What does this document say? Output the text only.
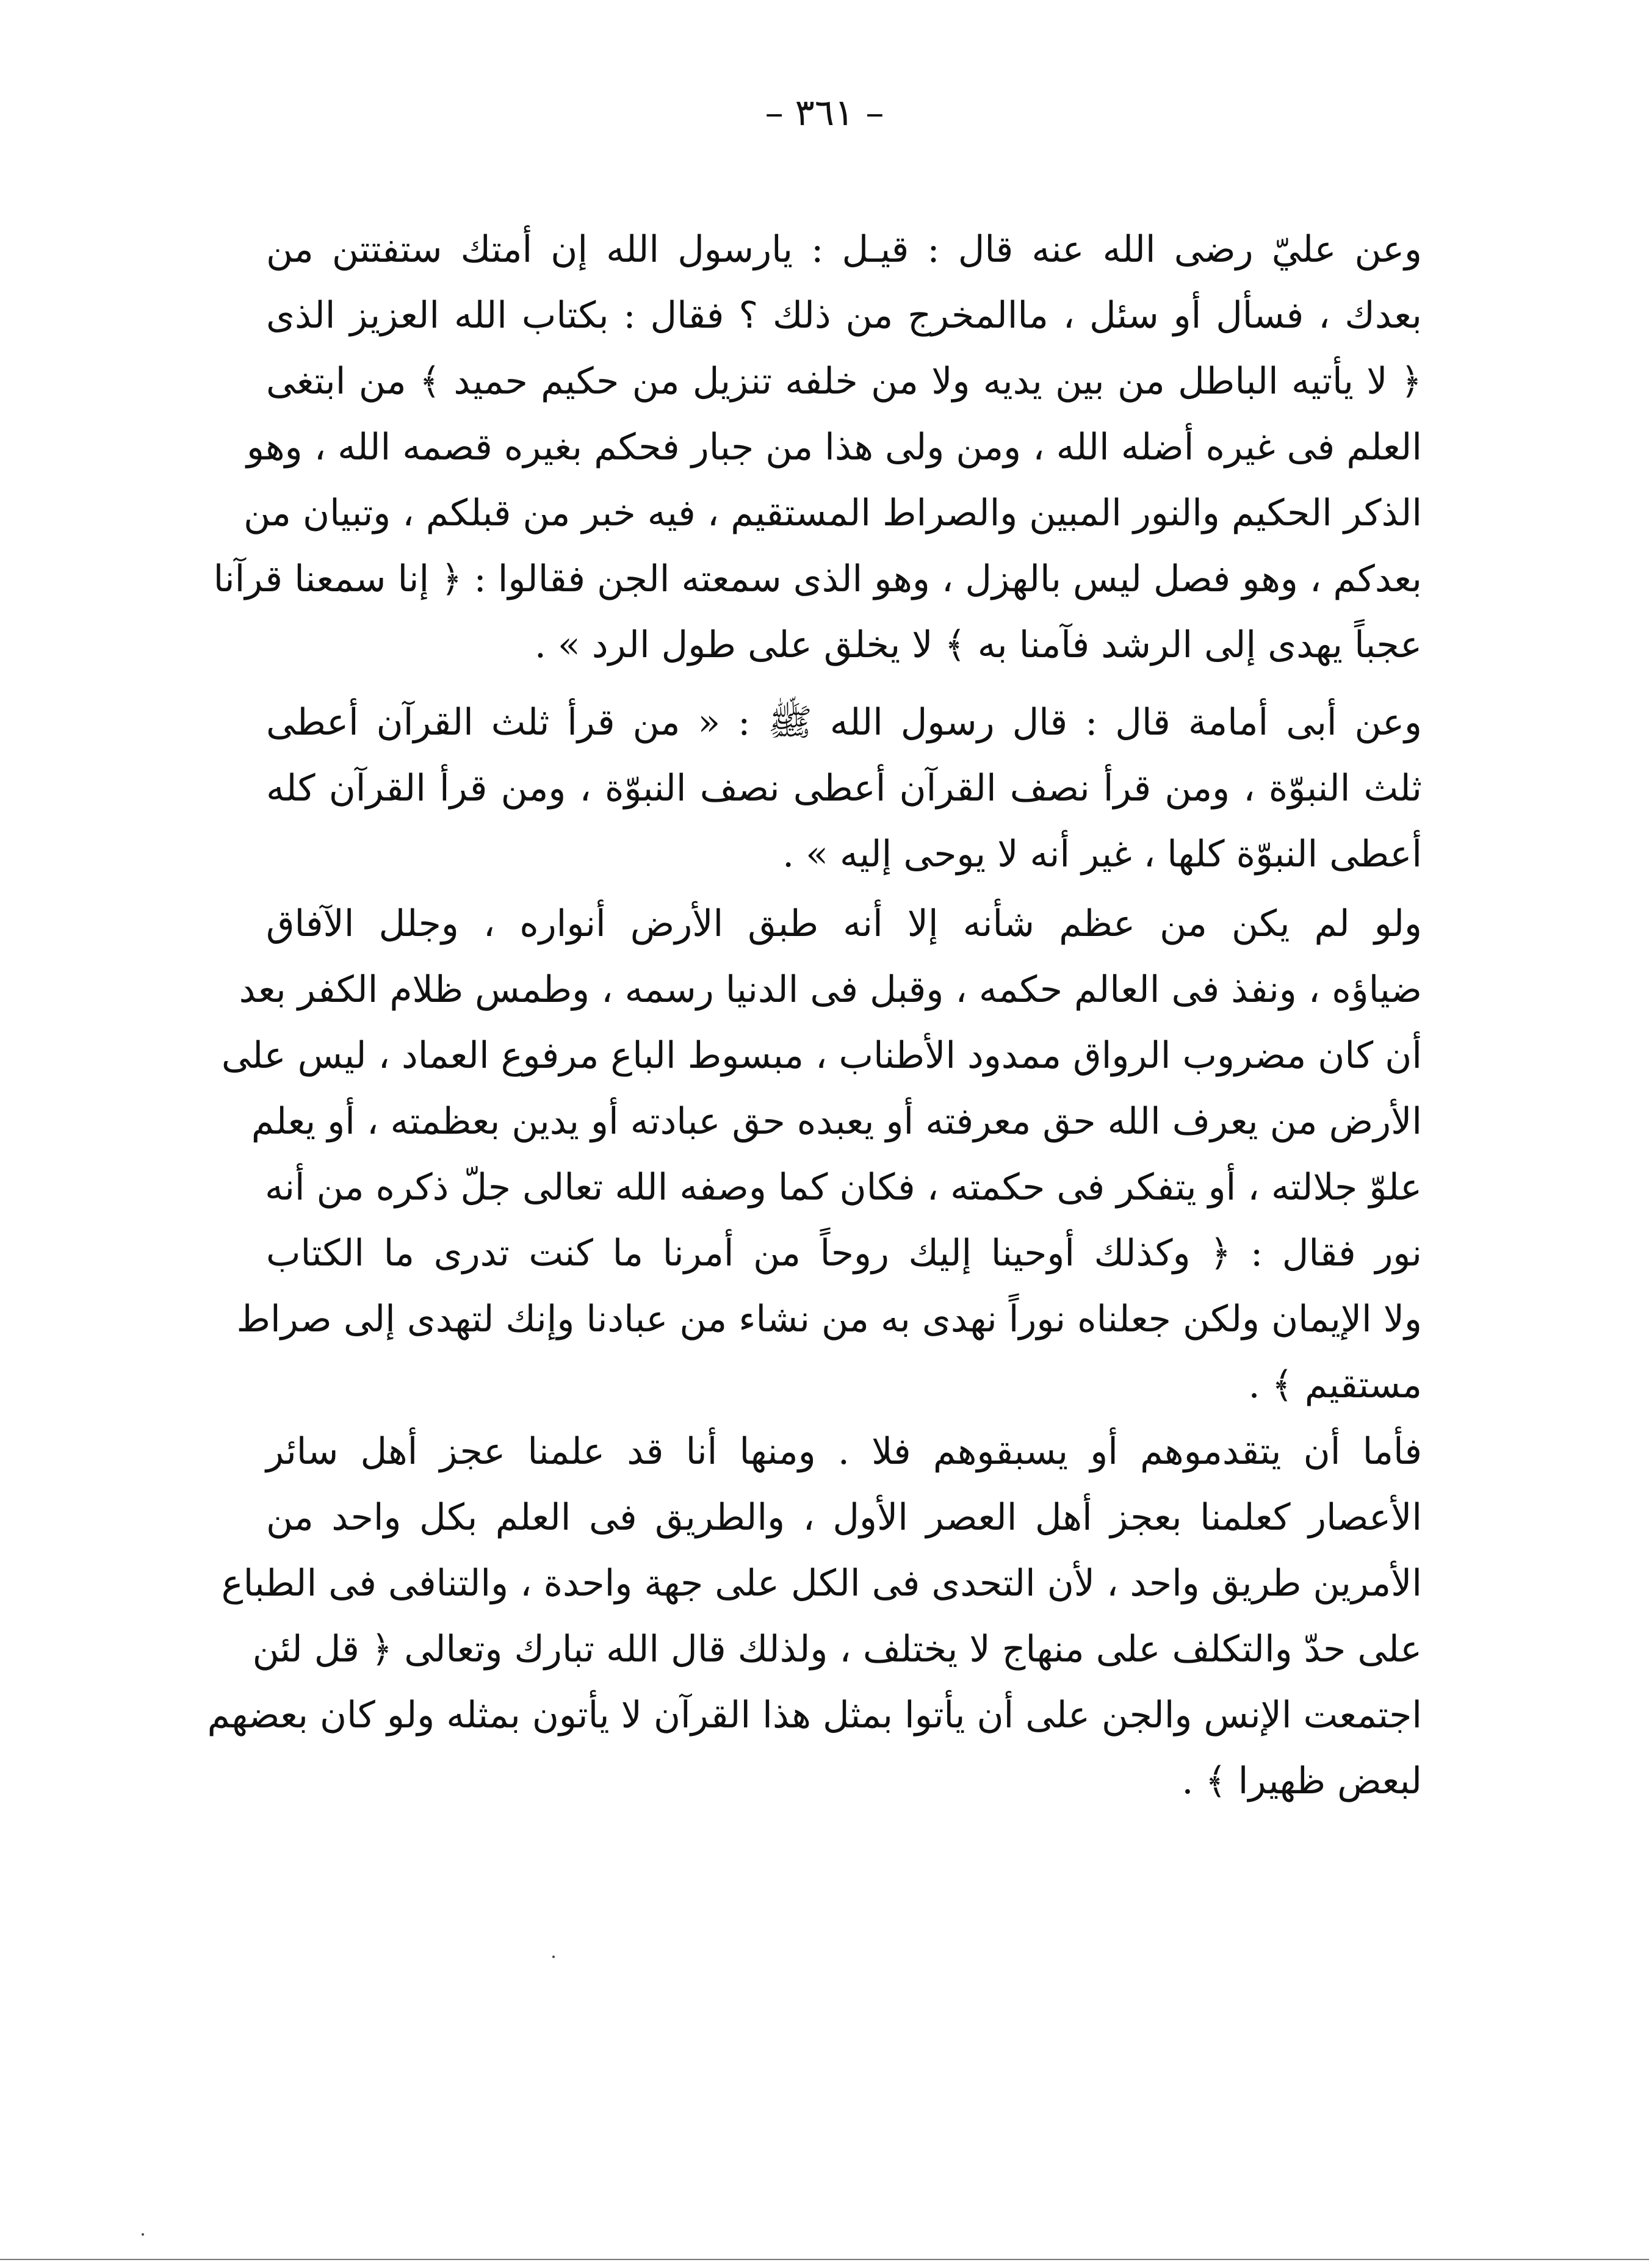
– ٣٦١ –
وعن عليّ رضى الله عنه قال : قيـل : يارسول الله إن أمتك ستفتتن من
بعدك ، فسأل أو سئل ، ماالمخرج من ذلك ؟ فقال : بكتاب الله العزيز الذى
﴿ لا يأتيه الباطل من بين يديه ولا من خلفه تنزيل من حكيم حميد ﴾ من ابتغى
العلم فى غيره أضله الله ، ومن ولى هذا من جبار فحكم بغيره قصمه الله ، وهو
الذكر الحكيم والنور المبين والصراط المستقيم ، فيه خبر من قبلكم ، وتبيان من
بعدكم ، وهو فصل ليس بالهزل ، وهو الذى سمعته الجن فقالوا : ﴿ إنا سمعنا قرآنا
عجباً يهدى إلى الرشد فآمنا به ﴾ لا يخلق على طول الرد » .
وعن أبى أمامة قال : قال رسول الله ﷺ : « من قرأ ثلث القرآن أعطى
ثلث النبوّة ، ومن قرأ نصف القرآن أعطى نصف النبوّة ، ومن قرأ القرآن كله
أعطى النبوّة كلها ، غير أنه لا يوحى إليه » .
ولو لم يكن من عظم شأنه إلا أنه طبق الأرض أنواره ، وجلل الآفاق
ضياؤه ، ونفذ فى العالم حكمه ، وقبل فى الدنيا رسمه ، وطمس ظلام الكفر بعد
أن كان مضروب الرواق ممدود الأطناب ، مبسوط الباع مرفوع العماد ، ليس على
الأرض من يعرف الله حق معرفته أو يعبده حق عبادته أو يدين بعظمته ، أو يعلم
علوّ جلالته ، أو يتفكر فى حكمته ، فكان كما وصفه الله تعالى جلّ ذكره من أنه
نور فقال : ﴿ وكذلك أوحينا إليك روحاً من أمرنا ما كنت تدرى ما الكتاب
ولا الإيمان ولكن جعلناه نوراً نهدى به من نشاء من عبادنا وإنك لتهدى إلى صراط
مستقيم ﴾ .
فأما أن يتقدموهم أو يسبقوهم فلا . ومنها أنا قد علمنا عجز أهل سائر
الأعصار كعلمنا بعجز أهل العصر الأول ، والطريق فى العلم بكل واحد من
الأمرين طريق واحد ، لأن التحدى فى الكل على جهة واحدة ، والتنافى فى الطباع
على حدّ والتكلف على منهاج لا يختلف ، ولذلك قال الله تبارك وتعالى ﴿ قل لئن
اجتمعت الإنس والجن على أن يأتوا بمثل هذا القرآن لا يأتون بمثله ولو كان بعضهم
لبعض ظهيرا ﴾ .
